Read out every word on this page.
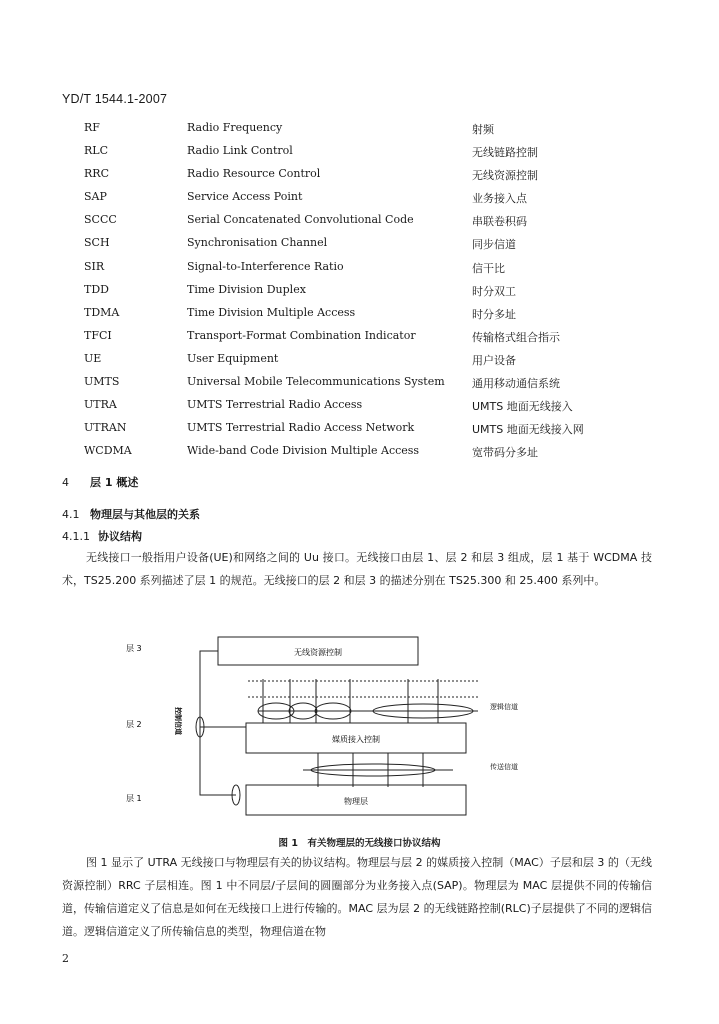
YD/T 1544.1-2007
RF	Radio Frequency	射频
RLC	Radio Link Control	无线链路控制
RRC	Radio Resource Control	无线资源控制
SAP	Service Access Point	业务接入点
SCCC	Serial Concatenated Convolutional Code	串联卷积码
SCH	Synchronisation Channel	同步信道
SIR	Signal-to-Interference Ratio	信干比
TDD	Time Division Duplex	时分双工
TDMA	Time Division Multiple Access	时分多址
TFCI	Transport-Format Combination Indicator	传输格式组合指示
UE	User Equipment	用户设备
UMTS	Universal Mobile Telecommunications System 通用移动通信系统
UTRA	UMTS Terrestrial Radio Access	UMTS 地面无线接入
UTRAN	UMTS Terrestrial Radio Access Network	UMTS 地面无线接入网
WCDMA	Wide-band Code Division Multiple Access	宽带码分多址
4 层 1 概述
4.1 物理层与其他层的关系
4.1.1 协议结构
无线接口一般指用户设备(UE)和网络之间的 Uu 接口。无线接口由层 1、层 2 和层 3 组成，层 1 基于 WCDMA 技术，TS25.200 系列描述了层 1 的规范。无线接口的层 2 和层 3 的描述分别在 TS25.300 和 25.400 系列中。
层 3
层 2
层 1
无线资源控制
控制信道	逻辑信道
媒质接入控制
传送信道
物理层
图 1　有关物理层的无线接口协议结构
图 1 显示了 UTRA 无线接口与物理层有关的协议结构。物理层与层 2 的媒质接入控制（MAC）子层和层 3 的（无线资源控制）RRC 子层相连。图 1 中不同层/子层间的圆圈部分为业务接入点(SAP)。物理层为 MAC 层提供不同的传输信道，传输信道定义了信息是如何在无线接口上进行传输的。MAC 层为层 2 的无线链路控制(RLC)子层提供了不同的逻辑信道。逻辑信道定义了所传输信息的类型，物理信道在物
2
